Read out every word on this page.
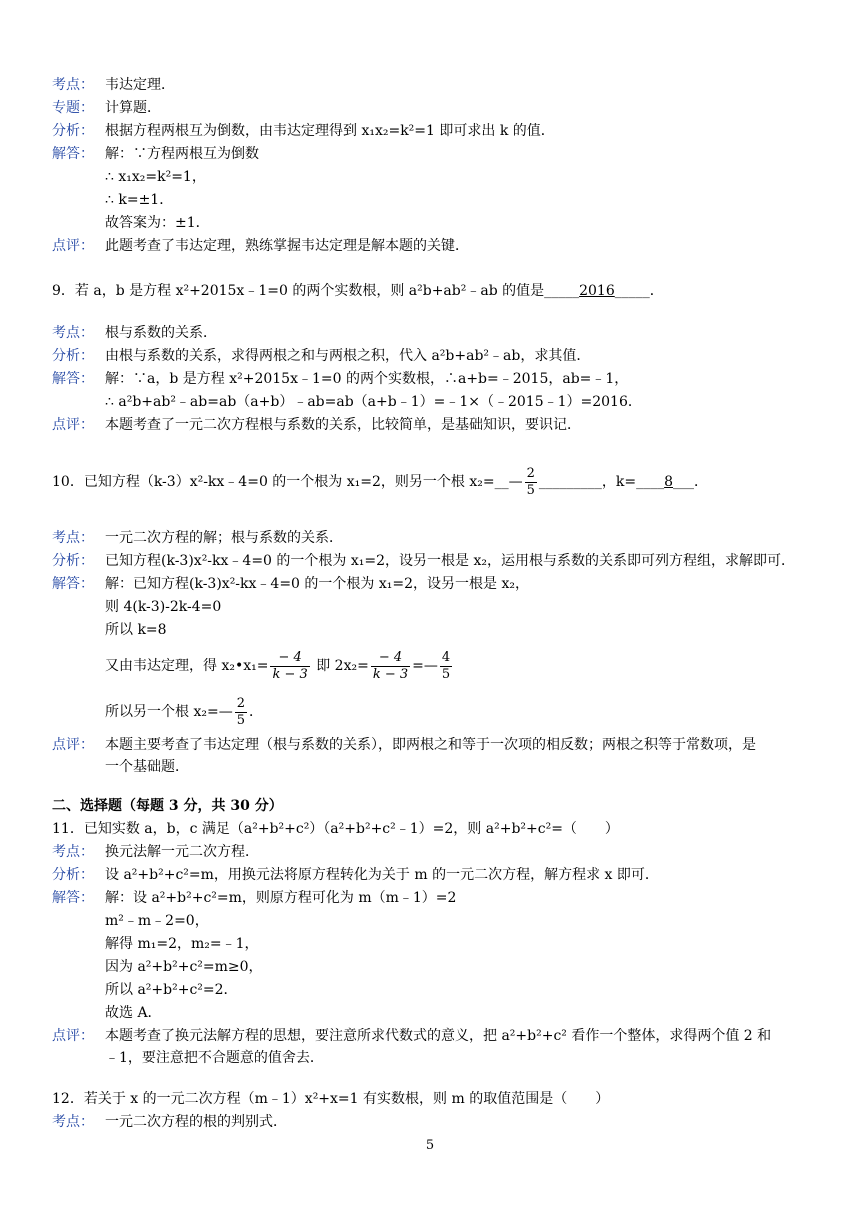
考点： 韦达定理．
专题： 计算题．
分析： 根据方程两根互为倒数，由韦达定理得到 x₁x₂=k²=1 即可求出 k 的值．
解答： 解：∵方程两根互为倒数
∴ x₁x₂=k²=1，
∴ k=±1．
故答案为：±1．
点评： 此题考查了韦达定理，熟练掌握韦达定理是解本题的关键．
9．若 a，b 是方程 x²+2015x﹣1=0 的两个实数根，则 a²b+ab²﹣ab 的值是_____2016_____．
考点： 根与系数的关系．
分析： 由根与系数的关系，求得两根之和与两根之积，代入 a²b+ab²﹣ab，求其值．
解答： 解：∵a，b 是方程 x²+2015x﹣1=0 的两个实数根，∴a+b=﹣2015，ab=﹣1，
∴ a²b+ab²﹣ab=ab（a+b）﹣ab=ab（a+b﹣1）=﹣1×（﹣2015﹣1）=2016．
点评： 本题考查了一元二次方程根与系数的关系，比较简单，是基础知识，要识记．
10．已知方程（k-3）x²-kx﹣4=0 的一个根为 x₁=2，则另一个根 x₂=__— $\frac{2}{5}$ _________，k=____8___．
考点： 一元二次方程的解；根与系数的关系．
分析： 已知方程(k-3)x²-kx﹣4=0 的一个根为 x₁=2，设另一根是 x₂，运用根与系数的关系即可列方程组，求解即可．
解答： 解：已知方程(k-3)x²-kx﹣4=0 的一个根为 x₁=2，设另一根是 x₂，
则 4(k-3)-2k-4=0
所以 k=8
又由韦达定理，得 x₂•x₁= $\frac{- 4}{k - 3}$ 即 $2x_2= \frac{- 4}{k - 3}$ =— $\frac{4}{5}$
所以另一个根 x₂=— $\frac{2}{5}$ ．
点评： 本题主要考查了韦达定理（根与系数的关系），即两根之和等于一次项的相反数；两根之积等于常数项，是
一个基础题．
二、选择题（每题 3 分，共 30 分）
11．已知实数 a，b，c 满足（a²+b²+c²）（a²+b²+c²﹣1）=2，则 a²+b²+c²=（　　）
考点： 换元法解一元二次方程．
分析： 设 a²+b²+c²=m，用换元法将原方程转化为关于 m 的一元二次方程，解方程求 x 即可．
解答： 解：设 a²+b²+c²=m，则原方程可化为 m（m﹣1）=2
m²﹣m﹣2=0，
解得 m₁=2，m₂=﹣1，
因为 a²+b²+c²=m≥0，
所以 a²+b²+c²=2．
故选 A．
点评： 本题考查了换元法解方程的思想，要注意所求代数式的意义，把 a²+b²+c² 看作一个整体，求得两个值 2 和
﹣1，要注意把不合题意的值舍去．
12．若关于 x 的一元二次方程（m﹣1）x²+x=1 有实数根，则 m 的取值范围是（　　）
考点： 一元二次方程的根的判别式．
5
